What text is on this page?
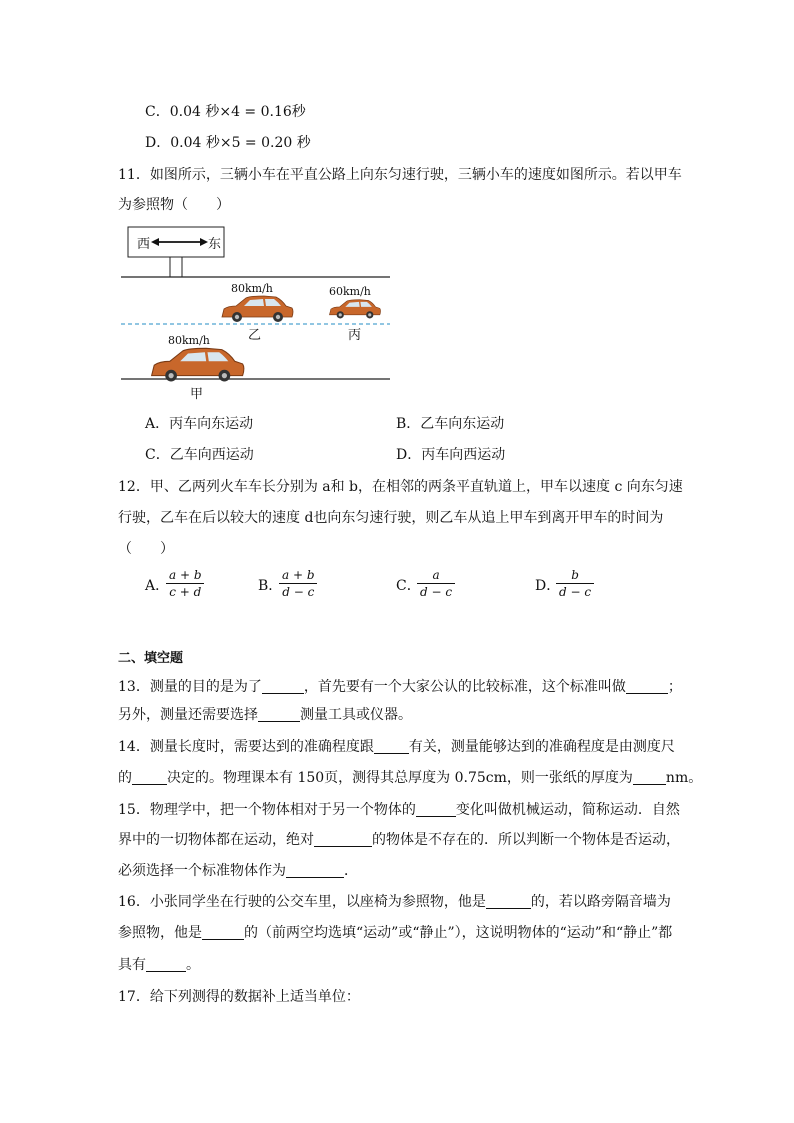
C．0.04 秒×4 = 0.16秒
D．0.04 秒×5 = 0.20 秒
11．如图所示，三辆小车在平直公路上向东匀速行驶，三辆小车的速度如图所示。若以甲车
为参照物（　　）
西	东
80km/h
乙
60km/h
丙
80km/h
甲
A．丙车向东运动	B．乙车向东运动
C．乙车向西运动	D．丙车向西运动
12．甲、乙两列火车车长分别为 a和 b，在相邻的两条平直轨道上，甲车以速度 c 向东匀速
行驶，乙车在后以较大的速度 d也向东匀速行驶，则乙车从追上甲车到离开甲车的时间为
（　　）
A．
$\frac{a + b}{c + d}$	B．
$\frac{a + b}{d - c}$	C．
$\frac{a}{d - c}$	D．
$\frac{b}{d - c}$
二、填空题
13．测量的目的是为了	，首先要有一个大家公认的比较标准，这个标准叫做	；
另外，测量还需要选择	测量工具或仪器。
14．测量长度时，需要达到的准确程度跟	有关，测量能够达到的准确程度是由测度尺
的	决定的。物理课本有 150页，测得其总厚度为 0.75cm，则一张纸的厚度为 nm。
15．物理学中，把一个物体相对于另一个物体的	变化叫做机械运动，简称运动．自然
界中的一切物体都在运动，绝对	的物体是不存在的．所以判断一个物体是否运动，
必须选择一个标准物体作为	．
16．小张同学坐在行驶的公交车里，以座椅为参照物，他是	的，若以路旁隔音墙为
参照物，他是	的（前两空均选填“运动”或“静止”），这说明物体的“运动”和“静止”都
具有	。
17．给下列测得的数据补上适当单位：
